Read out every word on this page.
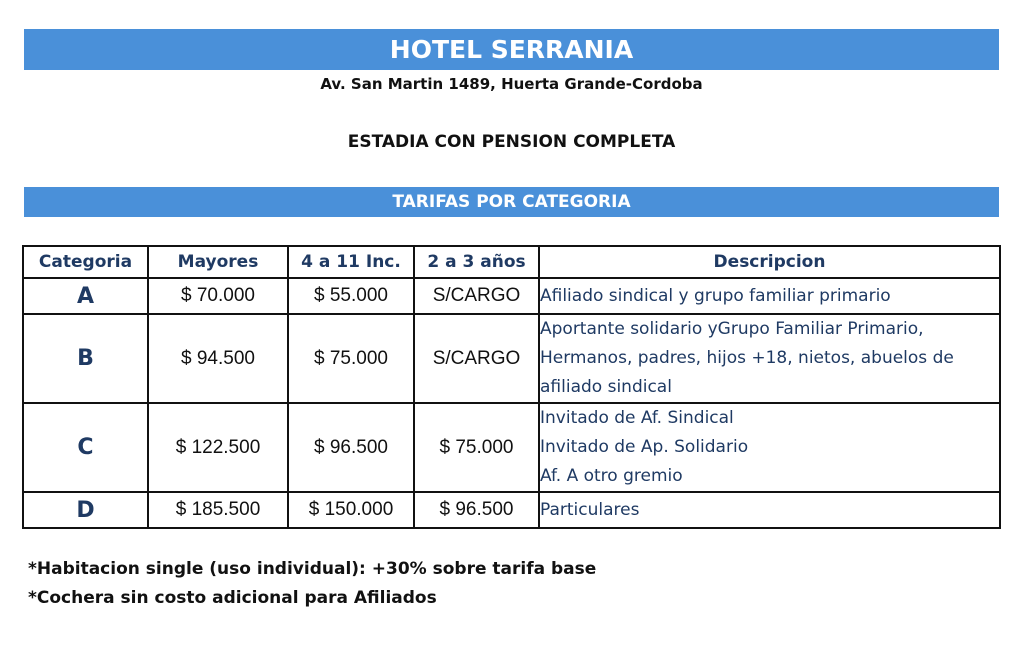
HOTEL SERRANIA
Av. San Martin 1489, Huerta Grande-Cordoba
ESTADIA CON PENSION COMPLETA
TARIFAS POR CATEGORIA
Categoria	Mayores	4 a 11 Inc.	2 a 3 años	Descripcion
A	$ 70.000	$ 55.000	S/CARGO	Afiliado sindical y grupo familiar primario

B	$ 94.500	$ 75.000	S/CARGO	Aportante solidario yGrupo Familiar Primario,
Hermanos, padres, hijos +18, nietos, abuelos de
afiliado sindical

C	$ 122.500	$ 96.500	$ 75.000	Invitado de Af. Sindical
Invitado de Ap. Solidario
Af. A otro gremio

D	$ 185.500	$ 150.000	$ 96.500	Particulares
*Habitacion single (uso individual): +30% sobre tarifa base
*Cochera sin costo adicional para Afiliados
